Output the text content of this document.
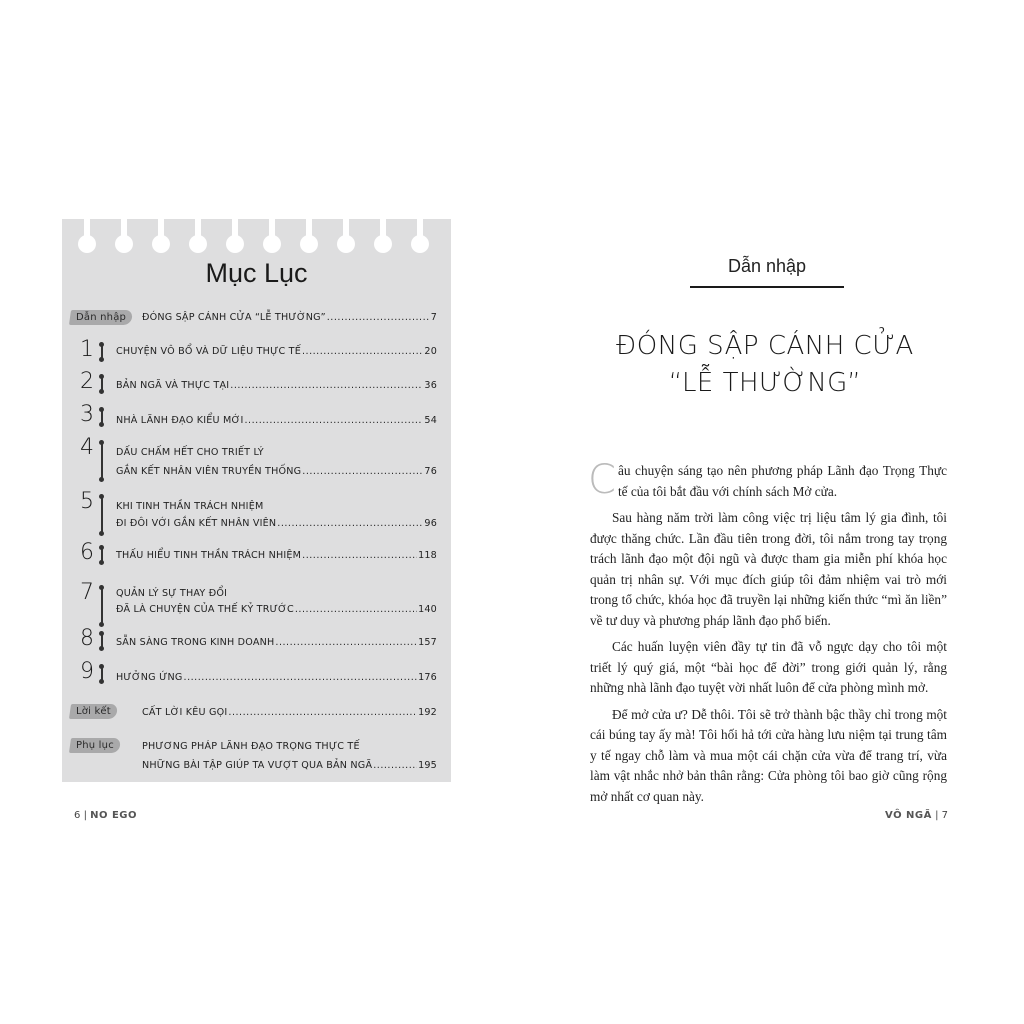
Mục Lục
Dẫn nhập	ĐÓNG SẬP CÁNH CỬA “LỄ THƯỜNG” .....	7
1 CHUYỆN VÔ BỔ VÀ DỮ LIỆU THỰC TẾ .....	20
2 BẢN NGÃ VÀ THỰC TẠI .....	36
3 NHÀ LÃNH ĐẠO KIỂU MỚI .....	54
4 DẤU CHẤM HẾT CHO TRIẾT LÝ
GẮN KẾT NHÂN VIÊN TRUYỀN THỐNG .....	76
5 KHI TINH THẦN TRÁCH NHIỆM
ĐI ĐÔI VỚI GẮN KẾT NHÂN VIÊN .....	96
6 THẤU HIỂU TINH THẦN TRÁCH NHIỆM .....	118
7 QUẢN LÝ SỰ THAY ĐỔI
ĐÃ LÀ CHUYỆN CỦA THẾ KỶ TRƯỚC .....	140
8 SẴN SÀNG TRONG KINH DOANH .....	157
9 HƯỞNG ỨNG .....	176
Lời kết	CẤT LỜI KÊU GỌI .....	192
Phụ lục	PHƯƠNG PHÁP LÃNH ĐẠO TRỌNG THỰC TẾ
NHỮNG BÀI TẬP GIÚP TA VƯỢT QUA BẢN NGÃ .....	195
6 | NO EGO
Dẫn nhập
ĐÓNG SẬP CÁNH CỬA
“LỄ THƯỜNG”

Câu chuyện sáng tạo nên phương pháp Lãnh đạo Trọng Thực tế của tôi bắt đầu với chính sách Mở cửa.

Sau hàng năm trời làm công việc trị liệu tâm lý gia đình, tôi được thăng chức. Lần đầu tiên trong đời, tôi nắm trong tay trọng trách lãnh đạo một đội ngũ và được tham gia miễn phí khóa học quản trị nhân sự. Với mục đích giúp tôi đảm nhiệm vai trò mới trong tổ chức, khóa học đã truyền lại những kiến thức “mì ăn liền” về tư duy và phương pháp lãnh đạo phổ biến.

Các huấn luyện viên đầy tự tin đã vỗ ngực dạy cho tôi một triết lý quý giá, một “bài học để đời” trong giới quản lý, rằng những nhà lãnh đạo tuyệt vời nhất luôn để cửa phòng mình mở.

Để mở cửa ư? Dễ thôi. Tôi sẽ trở thành bậc thầy chỉ trong một cái búng tay ấy mà! Tôi hối hả tới cửa hàng lưu niệm tại trung tâm y tế ngay chỗ làm và mua một cái chặn cửa vừa để trang trí, vừa làm vật nhắc nhở bản thân rằng: Cửa phòng tôi bao giờ cũng rộng mở nhất cơ quan này.

VÔ NGÃ | 7
